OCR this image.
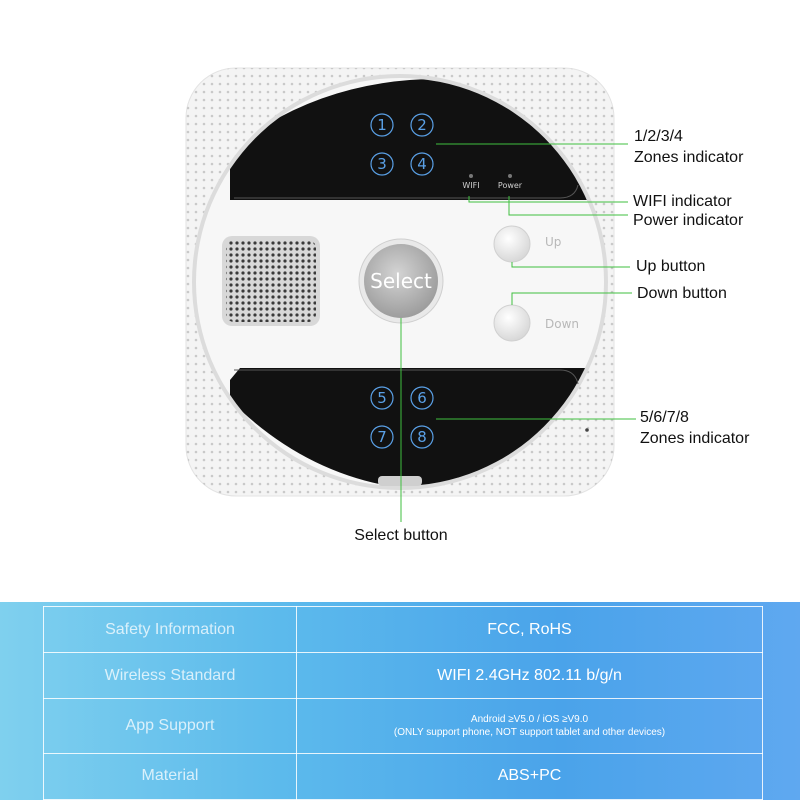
1 2
3 4
WIFI Power
5 6
7 8
Select
Up
Down
1/2/3/4
Zones indicator
WIFI indicator
Power indicator
Up button
Down button
5/6/7/8
Zones indicator
Select button
Safety Information	FCC, RoHS
Wireless Standard	WIFI 2.4GHz 802.11 b/g/n
App Support	Android ≥V5.0 / iOS ≥V9.0
(ONLY support phone, NOT support tablet and other devices)

Material	ABS+PC
